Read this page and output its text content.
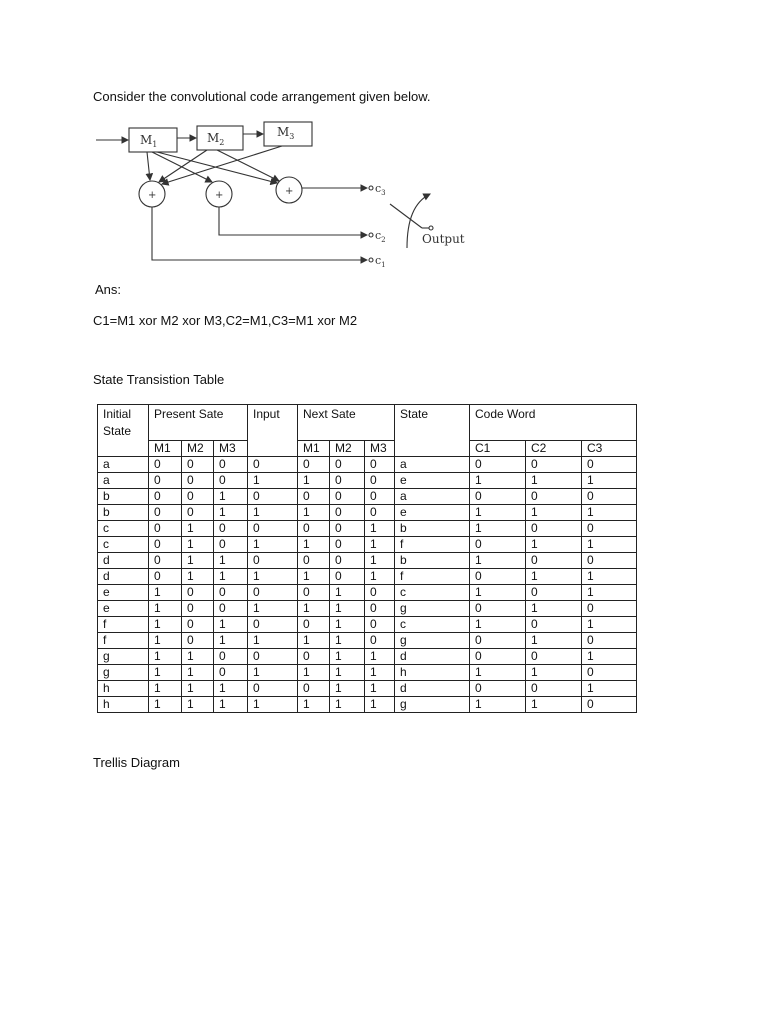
Consider the convolutional code arrangement given below.
$M_1$	$M_2$
$M_3$
+	+	+	$c_3$
$c_2$
$c_1$
Output
Ans:
C1=M1 xor M2 xor M3,C2=M1,C3=M1 xor M2
State Transistion Table
Initial State	Present Sate			Input	Next Sate			State	Code Word		
	M1	M2	M3		M1	M2	M3		C1	C2	C3
a	0	0	0	0	0	0	0	a	0	0	0
a	0	0	0	1	1	0	0	e	1	1	1
b	0	0	1	0	0	0	0	a	0	0	0
b	0	0	1	1	1	0	0	e	1	1	1
c	0	1	0	0	0	0	1	b	1	0	0
c	0	1	0	1	1	0	1	f	0	1	1
d	0	1	1	0	0	0	1	b	1	0	0
d	0	1	1	1	1	0	1	f	0	1	1
e	1	0	0	0	0	1	0	c	1	0	1
e	1	0	0	1	1	1	0	g	0	1	0
f	1	0	1	0	0	1	0	c	1	0	1
f	1	0	1	1	1	1	0	g	0	1	0
g	1	1	0	0	0	1	1	d	0	0	1
g	1	1	0	1	1	1	1	h	1	1	0
h	1	1	1	0	0	1	1	d	0	0	1
h	1	1	1	1	1	1	1	g	1	1	0
Trellis Diagram
